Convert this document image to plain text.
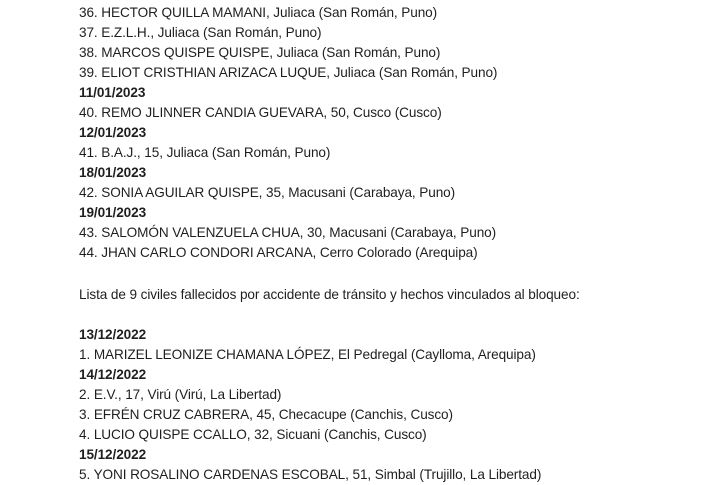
36. HECTOR QUILLA MAMANI, Juliaca (San Román, Puno)
37. E.Z.L.H., Juliaca (San Román, Puno)
38. MARCOS QUISPE QUISPE, Juliaca (San Román, Puno)
39. ELIOT CRISTHIAN ARIZACA LUQUE, Juliaca (San Román, Puno)
11/01/2023
40. REMO JLINNER CANDIA GUEVARA, 50, Cusco (Cusco)
12/01/2023
41. B.A.J., 15, Juliaca (San Román, Puno)
18/01/2023
42. SONIA AGUILAR QUISPE, 35, Macusani (Carabaya, Puno)
19/01/2023
43. SALOMÓN VALENZUELA CHUA, 30, Macusani (Carabaya, Puno)
44. JHAN CARLO CONDORI ARCANA, Cerro Colorado (Arequipa)
Lista de 9 civiles fallecidos por accidente de tránsito y hechos vinculados al bloqueo:
13/12/2022
1. MARIZEL LEONIZE CHAMANA LÓPEZ, El Pedregal (Caylloma, Arequipa)
14/12/2022
2. E.V., 17, Virú (Virú, La Libertad)
3. EFRÉN CRUZ CABRERA, 45, Checacupe (Canchis, Cusco)
4. LUCIO QUISPE CCALLO, 32, Sicuani (Canchis, Cusco)
15/12/2022
5. YONI ROSALINO CARDENAS ESCOBAL, 51, Simbal (Trujillo, La Libertad)
